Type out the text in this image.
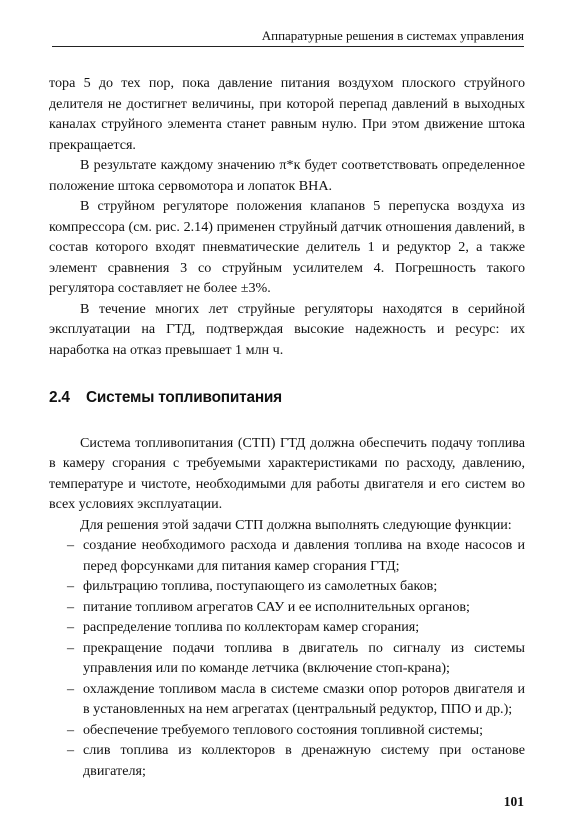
Аппаратурные решения в системах управления

тора 5 до тех пор, пока давление питания воздухом плоского струйного делителя не достигнет величины, при которой перепад давлений в выходных каналах струйного элемента станет равным нулю. При этом движение штока прекращается.

В результате каждому значению π*к будет соответствовать определенное положение штока сервомотора и лопаток ВНА.

В струйном регуляторе положения клапанов 5 перепуска воздуха из компрессора (см. рис. 2.14) применен струйный датчик отношения давлений, в состав которого входят пневматические делитель 1 и редуктор 2, а также элемент сравнения 3 со струйным усилителем 4. Погрешность такого регулятора составляет не более ±3%.

В течение многих лет струйные регуляторы находятся в серийной эксплуатации на ГТД, подтверждая высокие надежность и ресурс: их наработка на отказ превышает 1 млн ч.

2.4 Системы топливопитания

Система топливопитания (СТП) ГТД должна обеспечить подачу топлива в камеру сгорания с требуемыми характеристиками по расходу, давлению, температуре и чистоте, необходимыми для работы двигателя и его систем во всех условиях эксплуатации.

Для решения этой задачи СТП должна выполнять следующие функции:

– создание необходимого расхода и давления топлива на входе насосов и перед форсунками для питания камер сгорания ГТД;
– фильтрацию топлива, поступающего из самолетных баков;
– питание топливом агрегатов САУ и ее исполнительных органов;
– распределение топлива по коллекторам камер сгорания;
– прекращение подачи топлива в двигатель по сигналу из системы управления или по команде летчика (включение стоп-крана);
– охлаждение топливом масла в системе смазки опор роторов двигателя и в установленных на нем агрегатах (центральный редуктор, ППО и др.);
– обеспечение требуемого теплового состояния топливной системы;
– слив топлива из коллекторов в дренажную систему при останове двигателя;
101
